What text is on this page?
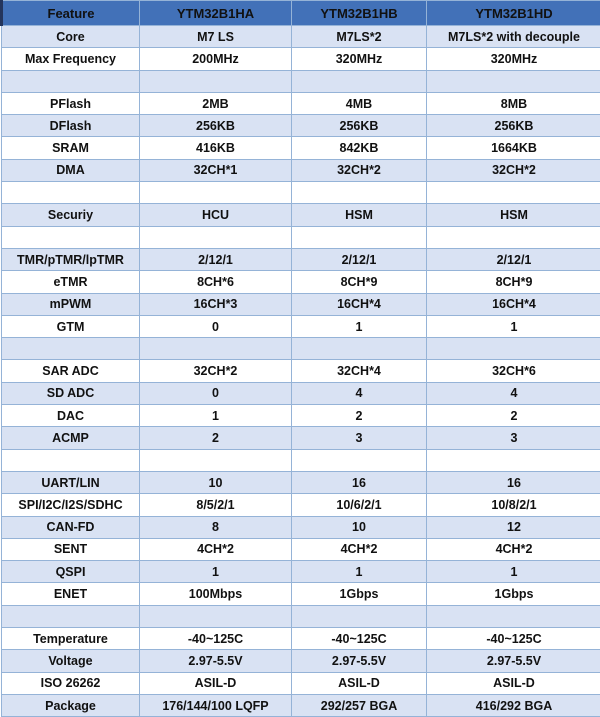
Feature	YTM32B1HA	YTM32B1HB	YTM32B1HD
Core	M7 LS	M7LS*2	M7LS*2 with decouple
Max Frequency	200MHz	320MHz	320MHz

PFlash	2MB	4MB	8MB
DFlash	256KB	256KB	256KB
SRAM	416KB	842KB	1664KB
DMA	32CH*1	32CH*2	32CH*2

Securiy	HCU	HSM	HSM

TMR/pTMR/lpTMR	2/12/1	2/12/1	2/12/1
eTMR	8CH*6	8CH*9	8CH*9
mPWM	16CH*3	16CH*4	16CH*4
GTM	0	1	1

SAR ADC	32CH*2	32CH*4	32CH*6
SD ADC	0	4	4
DAC	1	2	2
ACMP	2	3	3

UART/LIN	10	16	16
SPI/I2C/I2S/SDHC	8/5/2/1	10/6/2/1	10/8/2/1
CAN-FD	8	10	12
SENT	4CH*2	4CH*2	4CH*2
QSPI	1	1	1
ENET	100Mbps	1Gbps	1Gbps

Temperature	-40~125C	-40~125C	-40~125C
Voltage	2.97-5.5V	2.97-5.5V	2.97-5.5V
ISO 26262	ASIL-D	ASIL-D	ASIL-D
Package	176/144/100 LQFP	292/257 BGA	416/292 BGA
